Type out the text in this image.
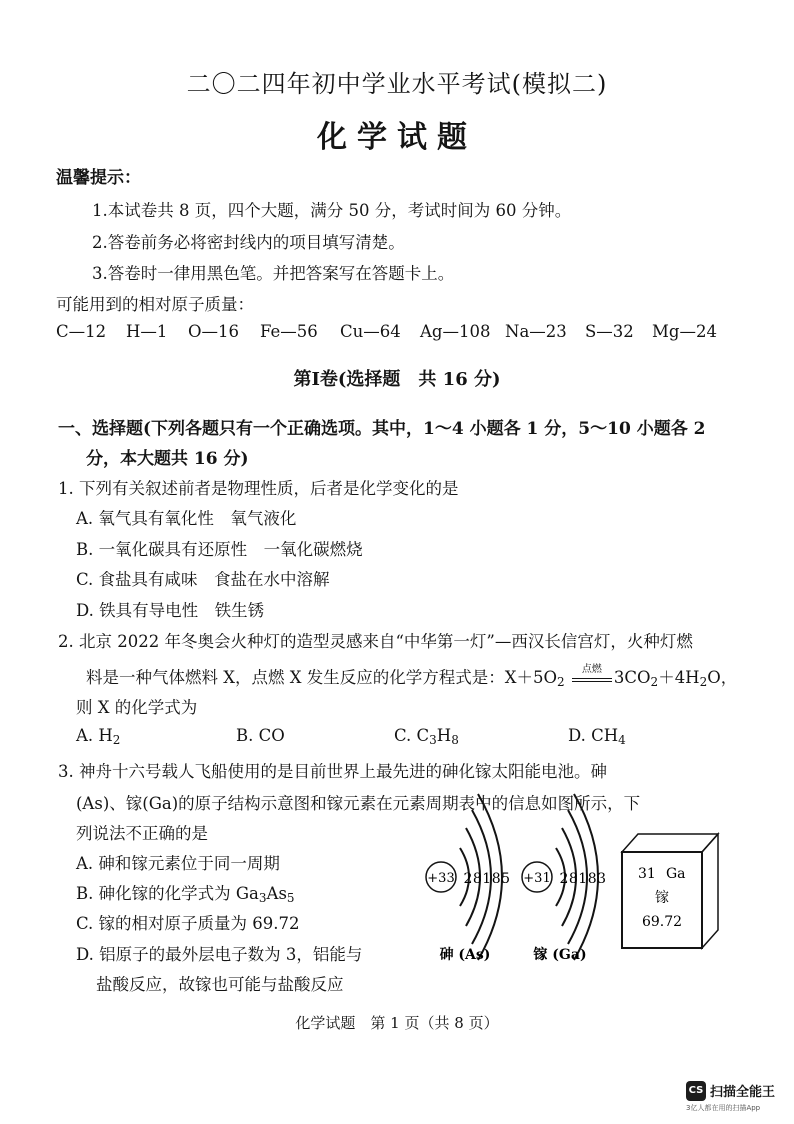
二〇二四年初中学业水平考试(模拟二)
化学试题
温馨提示：
1.本试卷共 8 页，四个大题，满分 50 分，考试时间为 60 分钟。
2.答卷前务必将密封线内的项目填写清楚。
3.答卷时一律用黑色笔。并把答案写在答题卡上。
可能用到的相对原子质量：
C—12 H—1 O—16 Fe—56 Cu—64 Ag—108 Na—23 S—32 Mg—24
第Ⅰ卷(选择题　共 16 分)
一、选择题(下列各题只有一个正确选项。其中，1～4 小题各 1 分，5～10 小题各 2
分，本大题共 16 分)
1. 下列有关叙述前者是物理性质，后者是化学变化的是
A. 氧气具有氧化性　氧气液化
B. 一氧化碳具有还原性　一氧化碳燃烧
C. 食盐具有咸味　食盐在水中溶解
D. 铁具有导电性　铁生锈
2. 北京 2022 年冬奥会火种灯的造型灵感来自“中华第一灯”—西汉长信宫灯，火种灯燃
料是一种气体燃料 X，点燃 X 发生反应的化学方程式是：$X+5O_2$
点燃 $3CO_2+4H_2O$，
则 X 的化学式为
A. $H_2$	B. CO	C. $C_3H_8$	D. $CH_4$
3. 神舟十六号载人飞船使用的是目前世界上最先进的砷化镓太阳能电池。砷
(As)、镓(Ga)的原子结构示意图和镓元素在元素周期表中的信息如图所示，下
列说法不正确的是
A. 砷和镓元素位于同一周期
B. 砷化镓的化学式为 $Ga_3As_5$
C. 镓的相对原子质量为 69.72
D. 铝原子的最外层电子数为 3，铝能与
盐酸反应，故镓也可能与盐酸反应
+33 28185
砷 (As)
+31 28183
镓 (Ga)
31 Ga
镓
69.72
化学试题　第 1 页（共 8 页）
CS 扫描全能王
3亿人都在用的扫描App
